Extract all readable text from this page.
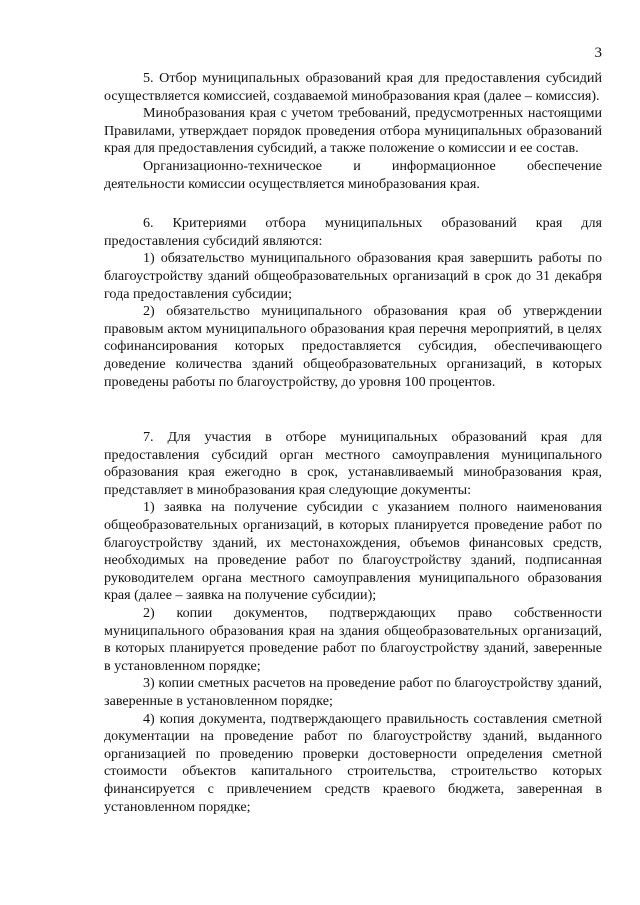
3

5. Отбор муниципальных образований края для предоставления субсидий осуществляется комиссией, создаваемой минобразования края (далее – комиссия).

Минобразования края с учетом требований, предусмотренных настоящими Правилами, утверждает порядок проведения отбора муниципальных образований края для предоставления субсидий, а также положение о комиссии и ее состав.

Организационно-техническое и информационное обеспечение деятельности комиссии осуществляется минобразования края.

6. Критериями отбора муниципальных образований края для предоставления субсидий являются:

1) обязательство муниципального образования края завершить работы по благоустройству зданий общеобразовательных организаций в срок до 31 декабря года предоставления субсидии;

2) обязательство муниципального образования края об утверждении правовым актом муниципального образования края перечня мероприятий, в целях софинансирования которых предоставляется субсидия, обеспечивающего доведение количества зданий общеобразовательных организаций, в которых проведены работы по благоустройству, до уровня 100 процентов.

7. Для участия в отборе муниципальных образований края для предоставления субсидий орган местного самоуправления муниципального образования края ежегодно в срок, устанавливаемый минобразования края, представляет в минобразования края следующие документы:

1) заявка на получение субсидии с указанием полного наименования общеобразовательных организаций, в которых планируется проведение работ по благоустройству зданий, их местонахождения, объемов финансовых средств, необходимых на проведение работ по благоустройству зданий, подписанная руководителем органа местного самоуправления муниципального образования края (далее – заявка на получение субсидии);

2) копии документов, подтверждающих право собственности муниципального образования края на здания общеобразовательных организаций, в которых планируется проведение работ по благоустройству зданий, заверенные в установленном порядке;

3) копии сметных расчетов на проведение работ по благоустройству зданий, заверенные в установленном порядке;

4) копия документа, подтверждающего правильность составления сметной документации на проведение работ по благоустройству зданий, выданного организацией по проведению проверки достоверности определения сметной стоимости объектов капитального строительства, строительство которых финансируется с привлечением средств краевого бюджета, заверенная в установленном порядке;
